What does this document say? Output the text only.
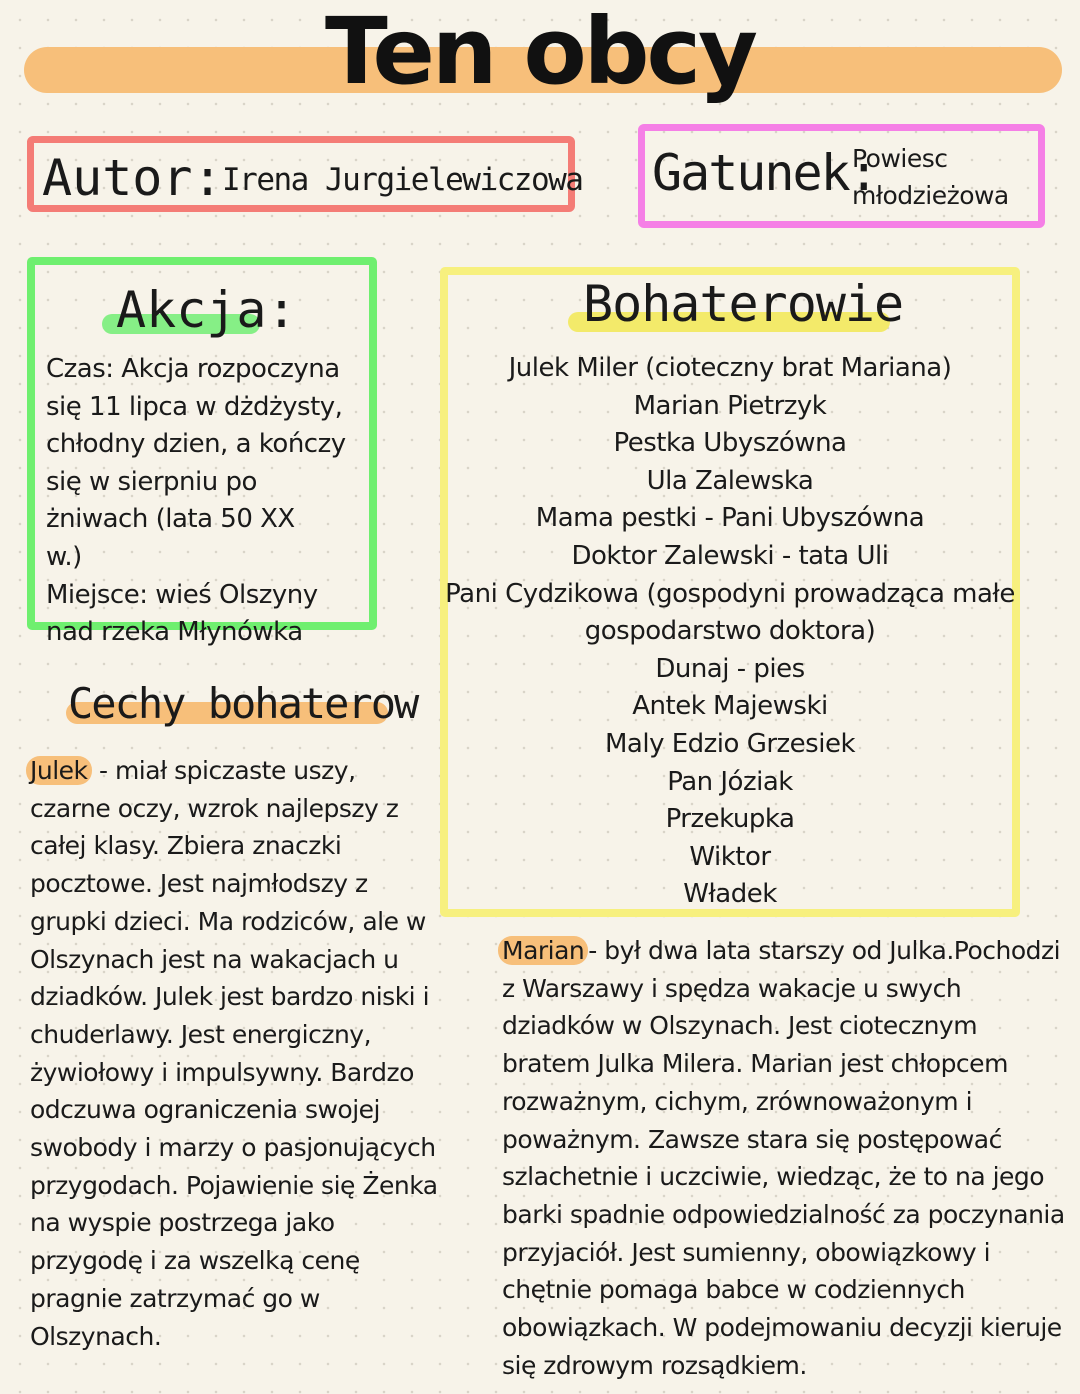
Ten obcy
Autor: Irena Jurgielewiczowa Gatunek:
Powiesc
młodzieżowa
Akcja:
Czas: Akcja rozpoczyna
się 11 lipca w dżdżysty,
chłodny dzien, a kończy
się w sierpniu po
żniwach (lata 50 XX
w.)
Miejsce: wieś Olszyny
nad rzeka Młynówka
Bohaterowie
Julek Miler (cioteczny brat Mariana)
Marian Pietrzyk
Pestka Ubyszówna
Ula Zalewska
Mama pestki - Pani Ubyszówna
Doktor Zalewski - tata Uli
Pani Cydzikowa (gospodyni prowadząca małe
gospodarstwo doktora)
Dunaj - pies
Antek Majewski
Maly Edzio Grzesiek
Pan Józiak
Przekupka
Wiktor
Władek
Cechy bohaterow
Julek - miał spiczaste uszy,
czarne oczy, wzrok najlepszy z
całej klasy. Zbiera znaczki
pocztowe. Jest najmłodszy z
grupki dzieci. Ma rodziców, ale w
Olszynach jest na wakacjach u
dziadków. Julek jest bardzo niski i
chuderlawy. Jest energiczny,
żywiołowy i impulsywny. Bardzo
odczuwa ograniczenia swojej
swobody i marzy o pasjonujących
przygodach. Pojawienie się Żenka
na wyspie postrzega jako
przygodę i za wszelką cenę
pragnie zatrzymać go w
Olszynach.
Marian - był dwa lata starszy od Julka.Pochodzi
z Warszawy i spędza wakacje u swych
dziadków w Olszynach. Jest ciotecznym
bratem Julka Milera. Marian jest chłopcem
rozważnym, cichym, zrównoważonym i
poważnym. Zawsze stara się postępować
szlachetnie i uczciwie, wiedząc, że to na jego
barki spadnie odpowiedzialność za poczynania
przyjaciół. Jest sumienny, obowiązkowy i
chętnie pomaga babce w codziennych
obowiązkach. W podejmowaniu decyzji kieruje
się zdrowym rozsądkiem.
